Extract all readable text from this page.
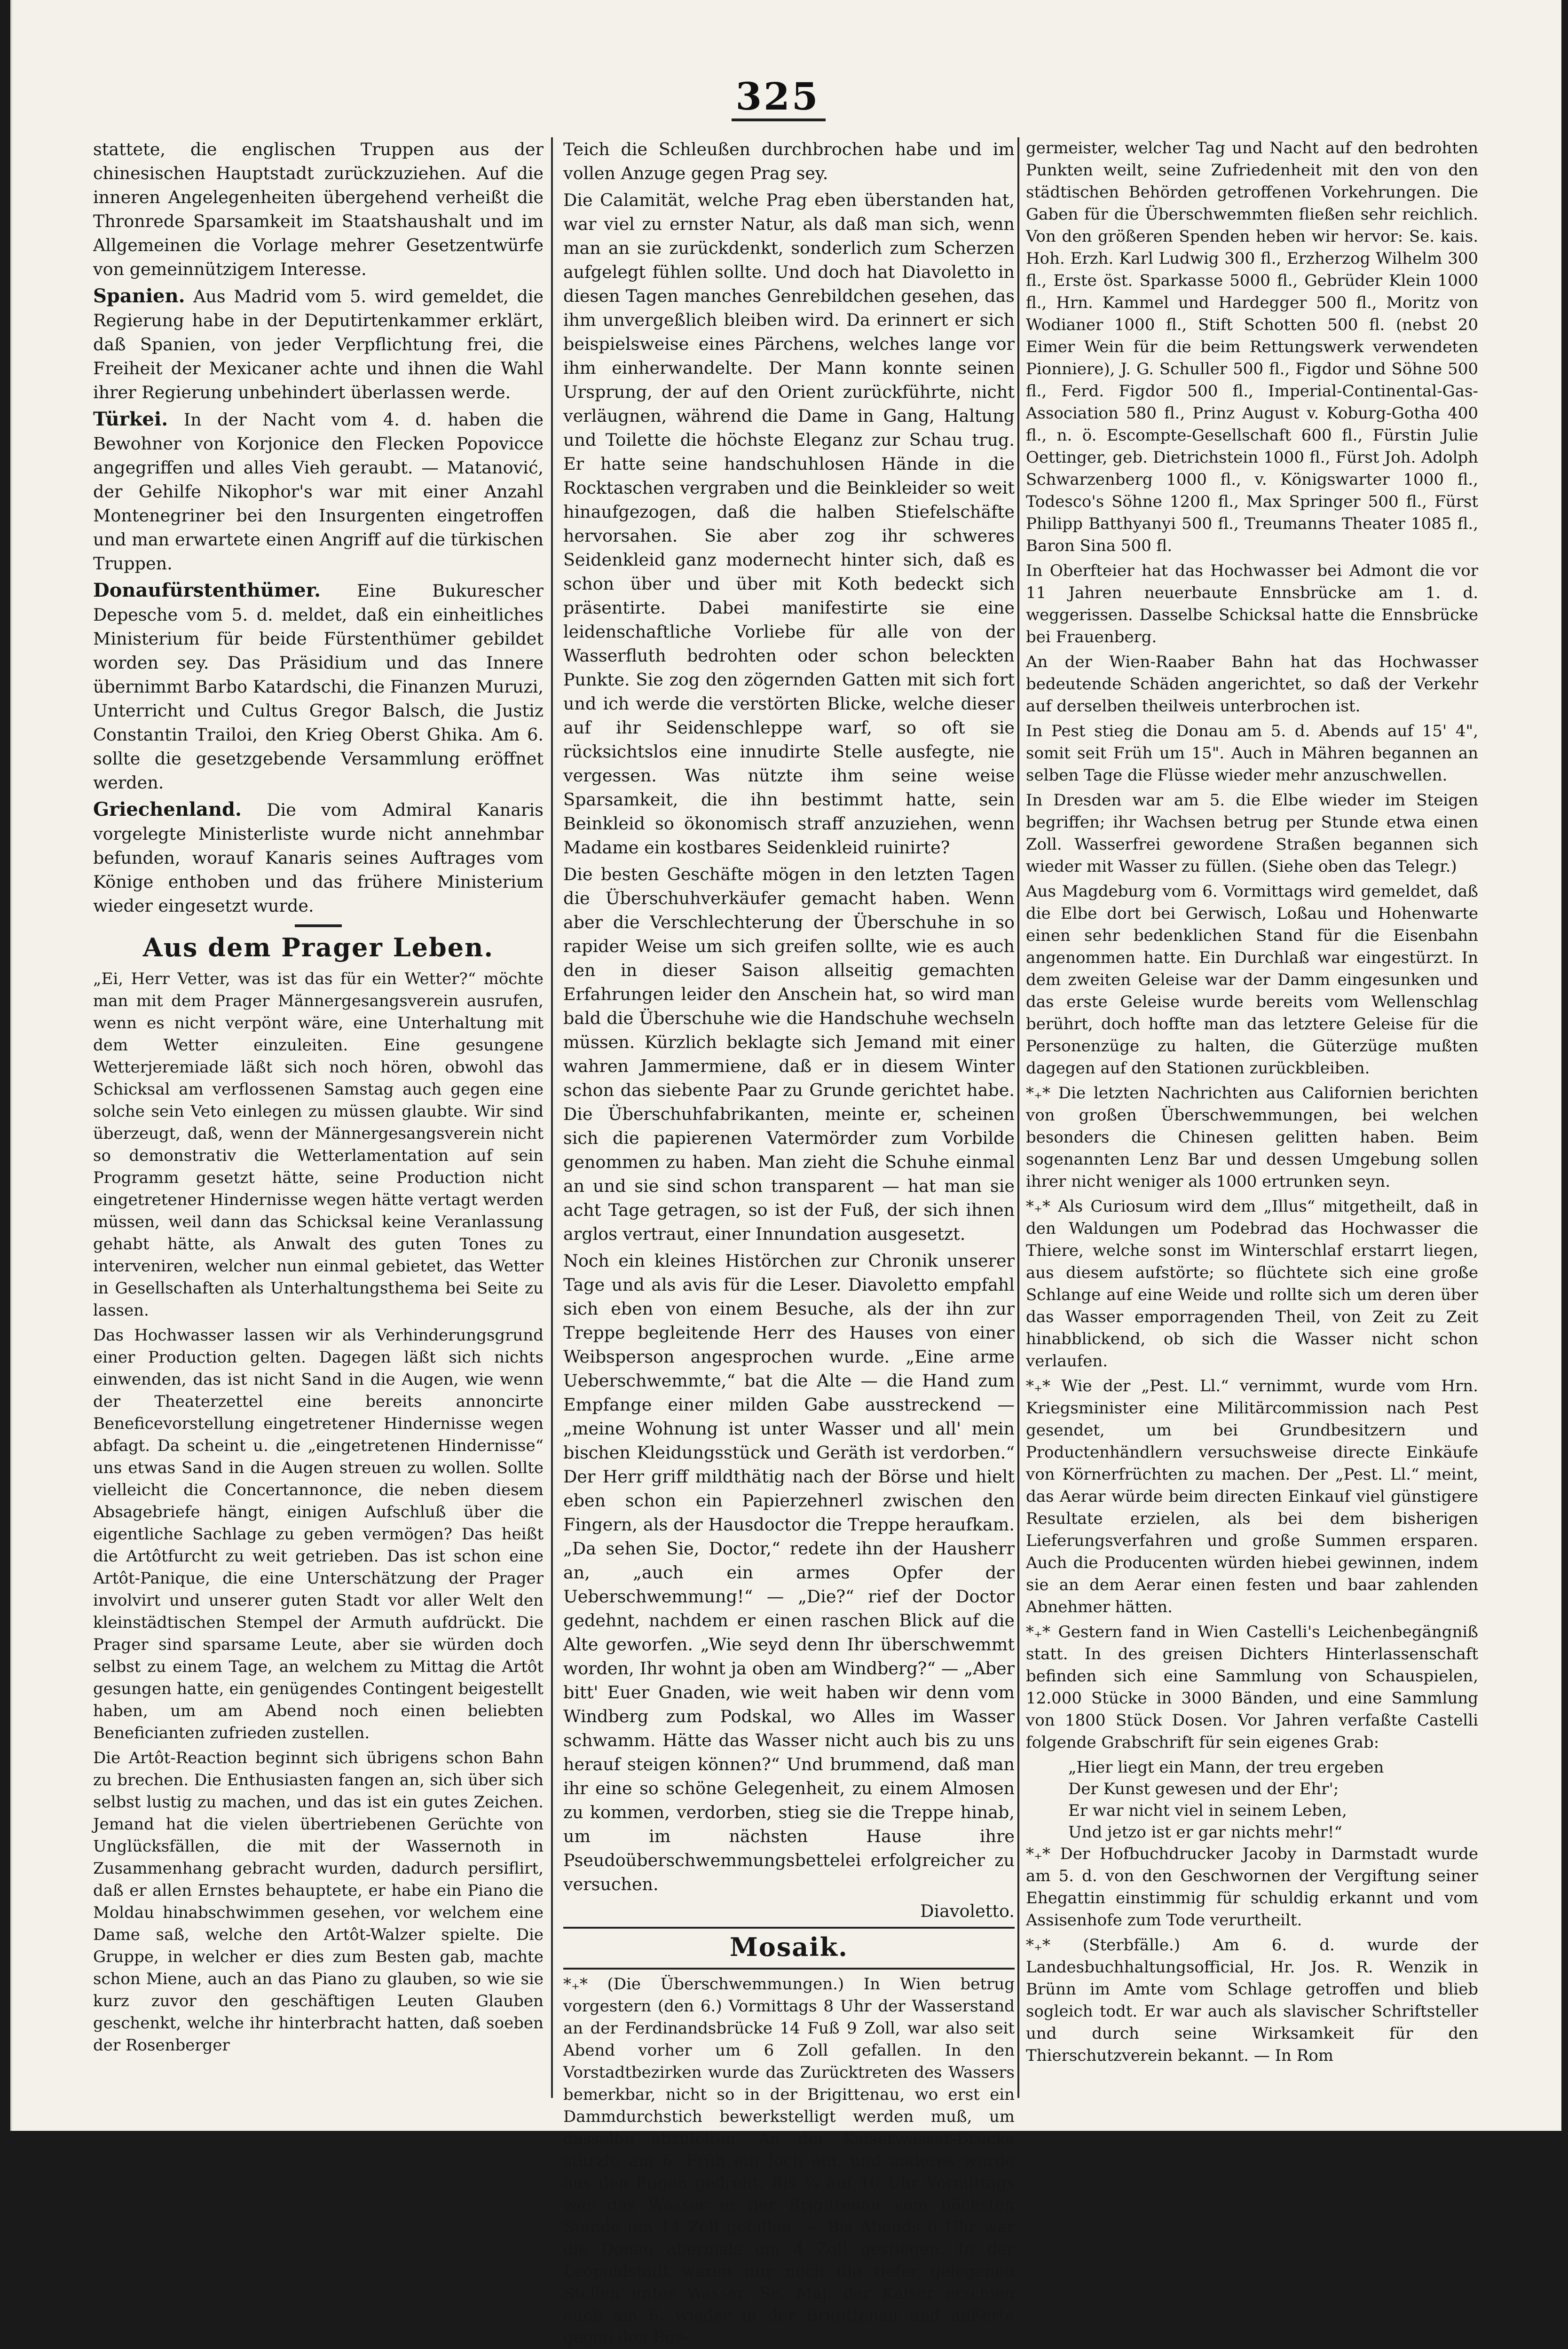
325

stattete, die englischen Truppen aus der chinesischen Hauptstadt zurückzuziehen. Auf die inneren Angelegenheiten übergehend verheißt die Thronrede Sparsamkeit im Staatshaushalt und im Allgemeinen die Vorlage mehrer Gesetzentwürfe von gemeinnützigem Interesse.

Spanien. Aus Madrid vom 5. wird gemeldet, die Regierung habe in der Deputirtenkammer erklärt, daß Spanien, von jeder Verpflichtung frei, die Freiheit der Mexicaner achte und ihnen die Wahl ihrer Regierung unbehindert überlassen werde.

Türkei. In der Nacht vom 4. d. haben die Bewohner von Korjonice den Flecken Popovicce angegriffen und alles Vieh geraubt. — Matanović, der Gehilfe Nikophor's war mit einer Anzahl Montenegriner bei den Insurgenten eingetroffen und man erwartete einen Angriff auf die türkischen Truppen.

Donaufürstenthümer. Eine Bukurescher Depesche vom 5. d. meldet, daß ein einheitliches Ministerium für beide Fürstenthümer gebildet worden sey. Das Präsidium und das Innere übernimmt Barbo Katardschi, die Finanzen Muruzi, Unterricht und Cultus Gregor Balsch, die Justiz Constantin Trailoi, den Krieg Oberst Ghika. Am 6. sollte die gesetzgebende Versammlung eröffnet werden.

Griechenland. Die vom Admiral Kanaris vorgelegte Ministerliste wurde nicht annehmbar befunden, worauf Kanaris seines Auftrages vom Könige enthoben und das frühere Ministerium wieder eingesetzt wurde.

Aus dem Prager Leben.

„Ei, Herr Vetter, was ist das für ein Wetter?“ möchte man mit dem Prager Männergesangsverein ausrufen, wenn es nicht verpönt wäre, eine Unterhaltung mit dem Wetter einzuleiten. Eine gesungene Wetterjeremiade läßt sich noch hören, obwohl das Schicksal am verflossenen Samstag auch gegen eine solche sein Veto einlegen zu müssen glaubte. Wir sind überzeugt, daß, wenn der Männergesangsverein nicht so demonstrativ die Wetterlamentation auf sein Programm gesetzt hätte, seine Production nicht eingetretener Hindernisse wegen hätte vertagt werden müssen, weil dann das Schicksal keine Veranlassung gehabt hätte, als Anwalt des guten Tones zu interveniren, welcher nun einmal gebietet, das Wetter in Gesellschaften als Unterhaltungsthema bei Seite zu lassen.

Das Hochwasser lassen wir als Verhinderungsgrund einer Production gelten. Dagegen läßt sich nichts einwenden, das ist nicht Sand in die Augen, wie wenn der Theaterzettel eine bereits annoncirte Beneficevorstellung eingetretener Hindernisse wegen abfagt. Da scheint u. die „eingetretenen Hindernisse“ uns etwas Sand in die Augen streuen zu wollen. Sollte vielleicht die Concertannonce, die neben diesem Absagebriefe hängt, einigen Aufschluß über die eigentliche Sachlage zu geben vermögen? Das heißt die Artôtfurcht zu weit getrieben. Das ist schon eine Artôt-Panique, die eine Unterschätzung der Prager involvirt und unserer guten Stadt vor aller Welt den kleinstädtischen Stempel der Armuth aufdrückt. Die Prager sind sparsame Leute, aber sie würden doch selbst zu einem Tage, an welchem zu Mittag die Artôt gesungen hatte, ein genügendes Contingent beigestellt haben, um am Abend noch einen beliebten Beneficianten zufrieden zustellen.

Die Artôt-Reaction beginnt sich übrigens schon Bahn zu brechen. Die Enthusiasten fangen an, sich über sich selbst lustig zu machen, und das ist ein gutes Zeichen. Jemand hat die vielen übertriebenen Gerüchte von Unglücksfällen, die mit der Wassernoth in Zusammenhang gebracht wurden, dadurch persiflirt, daß er allen Ernstes behauptete, er habe ein Piano die Moldau hinabschwimmen gesehen, vor welchem eine Dame saß, welche den Artôt-Walzer spielte. Die Gruppe, in welcher er dies zum Besten gab, machte schon Miene, auch an das Piano zu glauben, so wie sie kurz zuvor den geschäftigen Leuten Glauben geschenkt, welche ihr hinterbracht hatten, daß soeben der Rosenberger

Teich die Schleußen durchbrochen habe und im vollen Anzuge gegen Prag sey.

Die Calamität, welche Prag eben überstanden hat, war viel zu ernster Natur, als daß man sich, wenn man an sie zurückdenkt, sonderlich zum Scherzen aufgelegt fühlen sollte. Und doch hat Diavoletto in diesen Tagen manches Genrebildchen gesehen, das ihm unvergeßlich bleiben wird. Da erinnert er sich beispielsweise eines Pärchens, welches lange vor ihm einherwandelte. Der Mann konnte seinen Ursprung, der auf den Orient zurückführte, nicht verläugnen, während die Dame in Gang, Haltung und Toilette die höchste Eleganz zur Schau trug. Er hatte seine handschuhlosen Hände in die Rocktaschen vergraben und die Beinkleider so weit hinaufgezogen, daß die halben Stiefelschäfte hervorsahen. Sie aber zog ihr schweres Seidenkleid ganz modernecht hinter sich, daß es schon über und über mit Koth bedeckt sich präsentirte. Dabei manifestirte sie eine leidenschaftliche Vorliebe für alle von der Wasserfluth bedrohten oder schon beleckten Punkte. Sie zog den zögernden Gatten mit sich fort und ich werde die verstörten Blicke, welche dieser auf ihr Seidenschleppe warf, so oft sie rücksichtslos eine innudirte Stelle ausfegte, nie vergessen. Was nützte ihm seine weise Sparsamkeit, die ihn bestimmt hatte, sein Beinkleid so ökonomisch straff anzuziehen, wenn Madame ein kostbares Seidenkleid ruinirte?

Die besten Geschäfte mögen in den letzten Tagen die Überschuhverkäufer gemacht haben. Wenn aber die Verschlechterung der Überschuhe in so rapider Weise um sich greifen sollte, wie es auch den in dieser Saison allseitig gemachten Erfahrungen leider den Anschein hat, so wird man bald die Überschuhe wie die Handschuhe wechseln müssen. Kürzlich beklagte sich Jemand mit einer wahren Jammermiene, daß er in diesem Winter schon das siebente Paar zu Grunde gerichtet habe. Die Überschuhfabrikanten, meinte er, scheinen sich die papierenen Vatermörder zum Vorbilde genommen zu haben. Man zieht die Schuhe einmal an und sie sind schon transparent — hat man sie acht Tage getragen, so ist der Fuß, der sich ihnen arglos vertraut, einer Innundation ausgesetzt.

Noch ein kleines Histörchen zur Chronik unserer Tage und als avis für die Leser. Diavoletto empfahl sich eben von einem Besuche, als der ihn zur Treppe begleitende Herr des Hauses von einer Weibsperson angesprochen wurde. „Eine arme Ueberschwemmte,“ bat die Alte — die Hand zum Empfange einer milden Gabe ausstreckend — „meine Wohnung ist unter Wasser und all' mein bischen Kleidungsstück und Geräth ist verdorben.“ Der Herr griff mildthätig nach der Börse und hielt eben schon ein Papierzehnerl zwischen den Fingern, als der Hausdoctor die Treppe heraufkam. „Da sehen Sie, Doctor,“ redete ihn der Hausherr an, „auch ein armes Opfer der Ueberschwemmung!“ — „Die?“ rief der Doctor gedehnt, nachdem er einen raschen Blick auf die Alte geworfen. „Wie seyd denn Ihr überschwemmt worden, Ihr wohnt ja oben am Windberg?“ — „Aber bitt' Euer Gnaden, wie weit haben wir denn vom Windberg zum Podskal, wo Alles im Wasser schwamm. Hätte das Wasser nicht auch bis zu uns herauf steigen können?“ Und brummend, daß man ihr eine so schöne Gelegenheit, zu einem Almosen zu kommen, verdorben, stieg sie die Treppe hinab, um im nächsten Hause ihre Pseudoüberschwemmungsbettelei erfolgreicher zu versuchen.

Diavoletto.

Mosaik.

*₊* (Die Überschwemmungen.) In Wien betrug vorgestern (den 6.) Vormittags 8 Uhr der Wasserstand an der Ferdinandsbrücke 14 Fuß 9 Zoll, war also seit Abend vorher um 6 Zoll gefallen. In den Vorstadtbezirken wurde das Zurücktreten des Wassers bemerkbar, nicht so in der Brigittenau, wo erst ein Dammdurchstich bewerkstelligt werden muß, um dasselbe abzuleiten. An der Kaiserwasser-Brücke stürzte am 6. Früh ein Joch ein, und anderes wurde aus den Fugen gedreht. Bis ¾ auf 10 Uhr Vormittags war das Wasser in der Brigittenau vom höchsten Stande um 14 Zoll gefallen. — Bis Abends 6 Uhr war die Donau abermals um 4 Zoll gestiegen. In der Leopoldstadt waren nur noch die tiefer gelegenen Stellen unter Wasser. Se. Maj. der Kaiser erschien auch am 6. wieder in der Brigittenau und äußerte gegen den Bür-

germeister, welcher Tag und Nacht auf den bedrohten Punkten weilt, seine Zufriedenheit mit den von den städtischen Behörden getroffenen Vorkehrungen. Die Gaben für die Überschwemmten fließen sehr reichlich. Von den größeren Spenden heben wir hervor: Se. kais. Hoh. Erzh. Karl Ludwig 300 fl., Erzherzog Wilhelm 300 fl., Erste öst. Sparkasse 5000 fl., Gebrüder Klein 1000 fl., Hrn. Kammel und Hardegger 500 fl., Moritz von Wodianer 1000 fl., Stift Schotten 500 fl. (nebst 20 Eimer Wein für die beim Rettungswerk verwendeten Pionniere), J. G. Schuller 500 fl., Figdor und Söhne 500 fl., Ferd. Figdor 500 fl., Imperial-Continental-Gas-Association 580 fl., Prinz August v. Koburg-Gotha 400 fl., n. ö. Escompte-Gesellschaft 600 fl., Fürstin Julie Oettinger, geb. Dietrichstein 1000 fl., Fürst Joh. Adolph Schwarzenberg 1000 fl., v. Königswarter 1000 fl., Todesco's Söhne 1200 fl., Max Springer 500 fl., Fürst Philipp Batthyanyi 500 fl., Treumanns Theater 1085 fl., Baron Sina 500 fl.

In Oberfteier hat das Hochwasser bei Admont die vor 11 Jahren neuerbaute Ennsbrücke am 1. d. weggerissen. Dasselbe Schicksal hatte die Ennsbrücke bei Frauenberg.

An der Wien-Raaber Bahn hat das Hochwasser bedeutende Schäden angerichtet, so daß der Verkehr auf derselben theilweis unterbrochen ist.

In Pest stieg die Donau am 5. d. Abends auf 15' 4", somit seit Früh um 15". Auch in Mähren begannen an selben Tage die Flüsse wieder mehr anzuschwellen.

In Dresden war am 5. die Elbe wieder im Steigen begriffen; ihr Wachsen betrug per Stunde etwa einen Zoll. Wasserfrei gewordene Straßen begannen sich wieder mit Wasser zu füllen. (Siehe oben das Telegr.)

Aus Magdeburg vom 6. Vormittags wird gemeldet, daß die Elbe dort bei Gerwisch, Loßau und Hohenwarte einen sehr bedenklichen Stand für die Eisenbahn angenommen hatte. Ein Durchlaß war eingestürzt. In dem zweiten Geleise war der Damm eingesunken und das erste Geleise wurde bereits vom Wellenschlag berührt, doch hoffte man das letztere Geleise für die Personenzüge zu halten, die Güterzüge mußten dagegen auf den Stationen zurückbleiben.

*₊* Die letzten Nachrichten aus Californien berichten von großen Überschwemmungen, bei welchen besonders die Chinesen gelitten haben. Beim sogenannten Lenz Bar und dessen Umgebung sollen ihrer nicht weniger als 1000 ertrunken seyn.

*₊* Als Curiosum wird dem „Illus“ mitgetheilt, daß in den Waldungen um Podebrad das Hochwasser die Thiere, welche sonst im Winterschlaf erstarrt liegen, aus diesem aufstörte; so flüchtete sich eine große Schlange auf eine Weide und rollte sich um deren über das Wasser emporragenden Theil, von Zeit zu Zeit hinabblickend, ob sich die Wasser nicht schon verlaufen.

*₊* Wie der „Pest. Ll.“ vernimmt, wurde vom Hrn. Kriegsminister eine Militärcommission nach Pest gesendet, um bei Grundbesitzern und Productenhändlern versuchsweise directe Einkäufe von Körnerfrüchten zu machen. Der „Pest. Ll.“ meint, das Aerar würde beim directen Einkauf viel günstigere Resultate erzielen, als bei dem bisherigen Lieferungsverfahren und große Summen ersparen. Auch die Producenten würden hiebei gewinnen, indem sie an dem Aerar einen festen und baar zahlenden Abnehmer hätten.

*₊* Gestern fand in Wien Castelli's Leichenbegängniß statt. In des greisen Dichters Hinterlassenschaft befinden sich eine Sammlung von Schauspielen, 12.000 Stücke in 3000 Bänden, und eine Sammlung von 1800 Stück Dosen. Vor Jahren verfaßte Castelli folgende Grabschrift für sein eigenes Grab:

„Hier liegt ein Mann, der treu ergeben
Der Kunst gewesen und der Ehr';
Er war nicht viel in seinem Leben,
Und jetzo ist er gar nichts mehr!“

*₊* Der Hofbuchdrucker Jacoby in Darmstadt wurde am 5. d. von den Geschwornen der Vergiftung seiner Ehegattin einstimmig für schuldig erkannt und vom Assisenhofe zum Tode verurtheilt.

*₊* (Sterbfälle.) Am 6. d. wurde der Landesbuchhaltungsofficial, Hr. Jos. R. Wenzik in Brünn im Amte vom Schlage getroffen und blieb sogleich todt. Er war auch als slavischer Schriftsteller und durch seine Wirksamkeit für den Thierschutzverein bekannt. — In Rom
